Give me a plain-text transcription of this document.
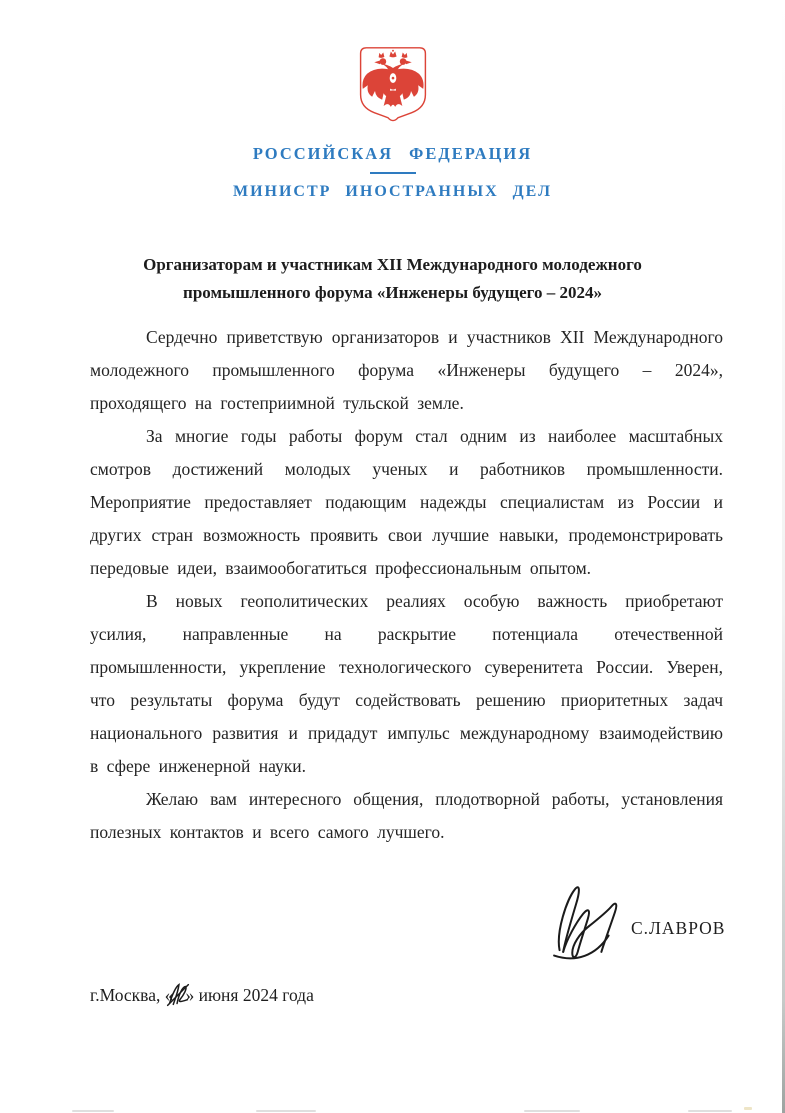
РОССИЙСКАЯ ФЕДЕРАЦИЯ
МИНИСТР ИНОСТРАННЫХ ДЕЛ
Организаторам и участникам XII Международного молодежного
промышленного форума «Инженеры будущего – 2024»

Сердечно приветствую организаторов и участников XII Международного молодежного промышленного форума «Инженеры будущего – 2024», проходящего на гостеприимной тульской земле.

За многие годы работы форум стал одним из наиболее масштабных смотров достижений молодых ученых и работников промышленности. Мероприятие предоставляет подающим надежды специалистам из России и других стран возможность проявить свои лучшие навыки, продемонстрировать передовые идеи, взаимообогатиться профессиональным опытом.

В новых геополитических реалиях особую важность приобретают усилия, направленные на раскрытие потенциала отечественной промышленности, укрепление технологического суверенитета России. Уверен, что результаты форума будут содействовать решению приоритетных задач национального развития и придадут импульс международному взаимодействию в сфере инженерной науки.

Желаю вам интересного общения, плодотворной работы, установления полезных контактов и всего самого лучшего.

С.ЛАВРОВ
г.Москва, « » июня 2024 года
